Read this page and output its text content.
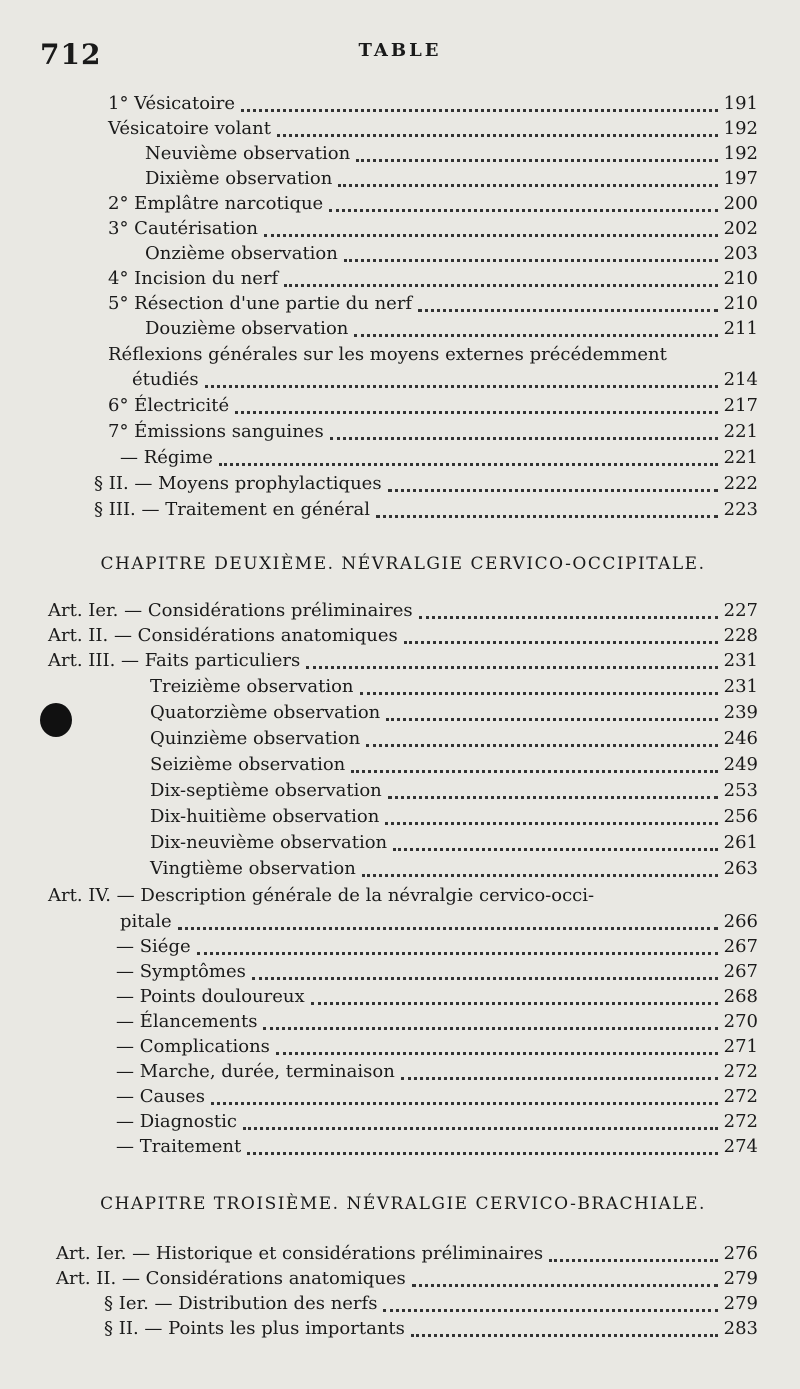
712	TABLE
1° Vésicatoire	191
Vésicatoire volant	192
Neuvième observation	192
Dixième observation	197
2° Emplâtre narcotique	200
3° Cautérisation	202
Onzième observation	203
4° Incision du nerf	210
5° Résection d'une partie du nerf	210
Douzième observation	211
Réflexions générales sur les moyens externes précédemment
étudiés	214
6° Électricité	217
7° Émissions sanguines	221
— Régime	221
§ II. — Moyens prophylactiques	222
§ III. — Traitement en général	223
CHAPITRE DEUXIÈME. NÉVRALGIE CERVICO-OCCIPITALE.
Art. Ier. — Considérations préliminaires	227
Art. II. — Considérations anatomiques	228
Art. III. — Faits particuliers	231
Treizième observation	231
Quatorzième observation	239
Quinzième observation	246
Seizième observation	249
Dix-septième observation	253
Dix-huitième observation	256
Dix-neuvième observation	261
Vingtième observation	263
Art. IV. — Description générale de la névralgie cervico-occi-
pitale	266
— Siége	267
— Symptômes	267
— Points douloureux	268
— Élancements	270
— Complications	271
— Marche, durée, terminaison	272
— Causes	272
— Diagnostic	272
— Traitement	274
CHAPITRE TROISIÈME. NÉVRALGIE CERVICO-BRACHIALE.
Art. Ier. — Historique et considérations préliminaires	276
Art. II. — Considérations anatomiques	279
§ Ier. — Distribution des nerfs	279
§ II. — Points les plus importants	283
